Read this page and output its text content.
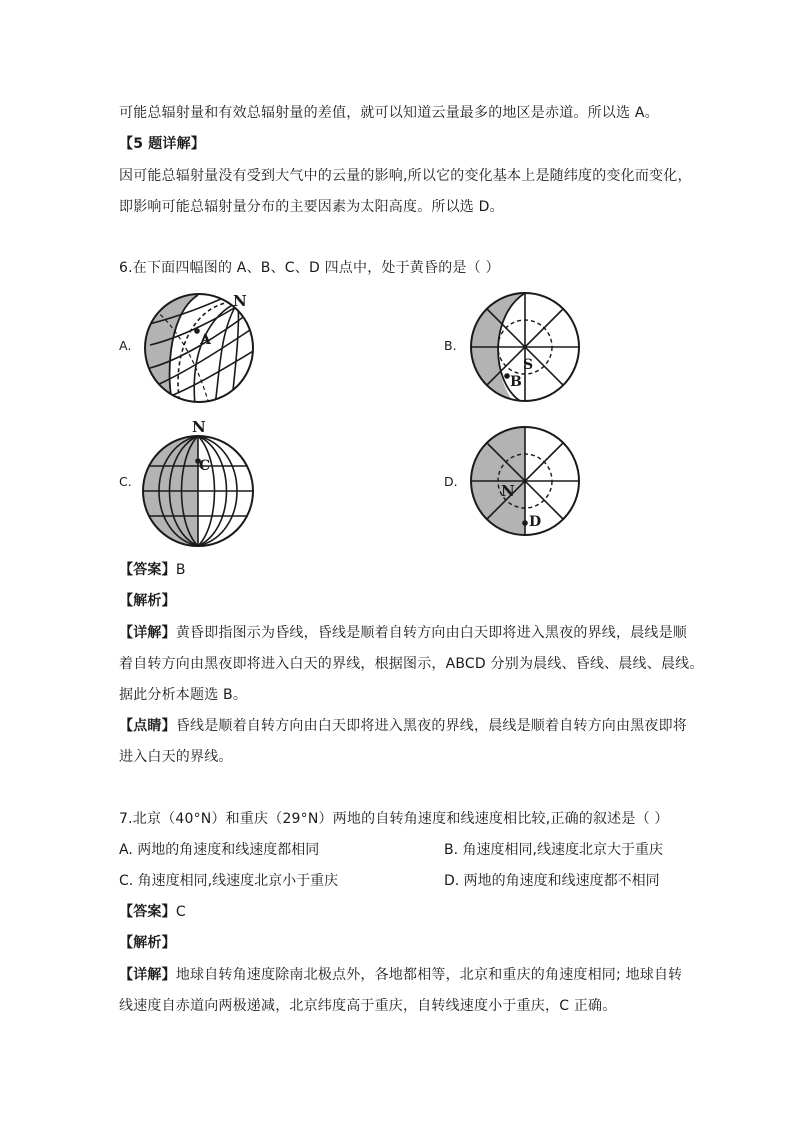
可能总辐射量和有效总辐射量的差值，就可以知道云量最多的地区是赤道。所以选 A。
【5 题详解】
因可能总辐射量没有受到大气中的云量的影响,所以它的变化基本上是随纬度的变化而变化，
即影响可能总辐射量分布的主要因素为太阳高度。所以选 D。
6.在下面四幅图的 A、B、C、D 四点中，处于黄昏的是（ ）
A.	B.
C.	D.
A
N
S
B
N
C
N
D
【答案】B
【解析】
【详解】黄昏即指图示为昏线，昏线是顺着自转方向由白天即将进入黑夜的界线，晨线是顺
着自转方向由黑夜即将进入白天的界线，根据图示，ABCD 分别为晨线、昏线、晨线、晨线。
据此分析本题选 B。
【点睛】昏线是顺着自转方向由白天即将进入黑夜的界线，晨线是顺着自转方向由黑夜即将
进入白天的界线。
7.北京（40°N）和重庆（29°N）两地的自转角速度和线速度相比较,正确的叙述是（ ）
A. 两地的角速度和线速度都相同	B. 角速度相同,线速度北京大于重庆
C. 角速度相同,线速度北京小于重庆	D. 两地的角速度和线速度都不相同
【答案】C
【解析】
【详解】地球自转角速度除南北极点外，各地都相等，北京和重庆的角速度相同; 地球自转
线速度自赤道向两极递减，北京纬度高于重庆，自转线速度小于重庆，C 正确。
